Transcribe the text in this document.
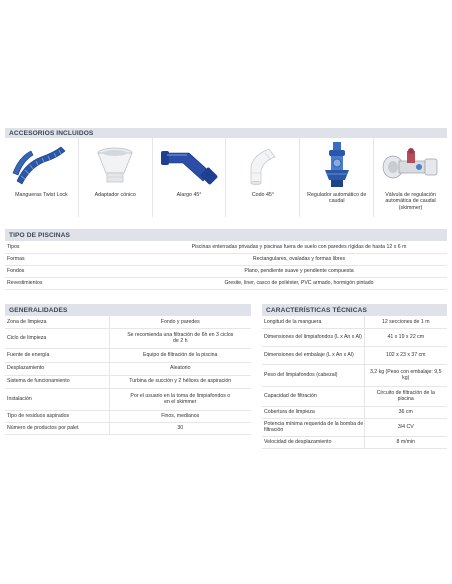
ACCESORIOS INCLUIDOS
Mangueras Twist Lock	Adaptador cónico	Alargo 45°	Codo 45°	Regulador automático de caudal
Válvula de regulación automática de caudal (skimmer)
TIPO DE PISCINAS
Tipos	Piscinas enterradas privadas y piscinas fuera de suelo con paredes rígidas de hasta 12 x 6 m
Formas	Rectangulares, ovaladas y formas libres
Fondos	Plano, pendiente suave y pendiente compuesta
Revestimientos	Gresite, liner, casco de poliéster, PVC armado, hormigón pintado
GENERALIDADES
Zona de limpieza	Fondo y paredes
Ciclo de limpieza	Se recomienda una filtración de 6h en 3 ciclos de 2 h
Fuente de energía	Equipo de filtración de la piscina
Desplazamiento	Aleatorio
Sistema de funcionamiento	Turbina de succión y 2 hélices de aspiración
Instalación	Por el usuario en la toma de limpiafondos o en el skimmer
Tipo de residuos aspirados	Finos, medianos
Número de productos por palet	30
CARACTERÍSTICAS TÉCNICAS
Longitud de la manguera	12 secciones de 1 m
Dimensiones del limpiafondos (L x An x Al)	41 x 19 x 22 cm
Dimensiones del embalaje (L x An x Al)	102 x 23 x 37 cm
Peso del limpiafondos (cabezal)	3,2 kg (Peso con embalaje: 9,5 kg)
Capacidad de filtración	Circuito de filtración de la piscina
Cobertura de limpieza	36 cm
Potencia mínima requerida de la bomba de filtración	3/4 CV
Velocidad de desplazamiento	8 m/min
